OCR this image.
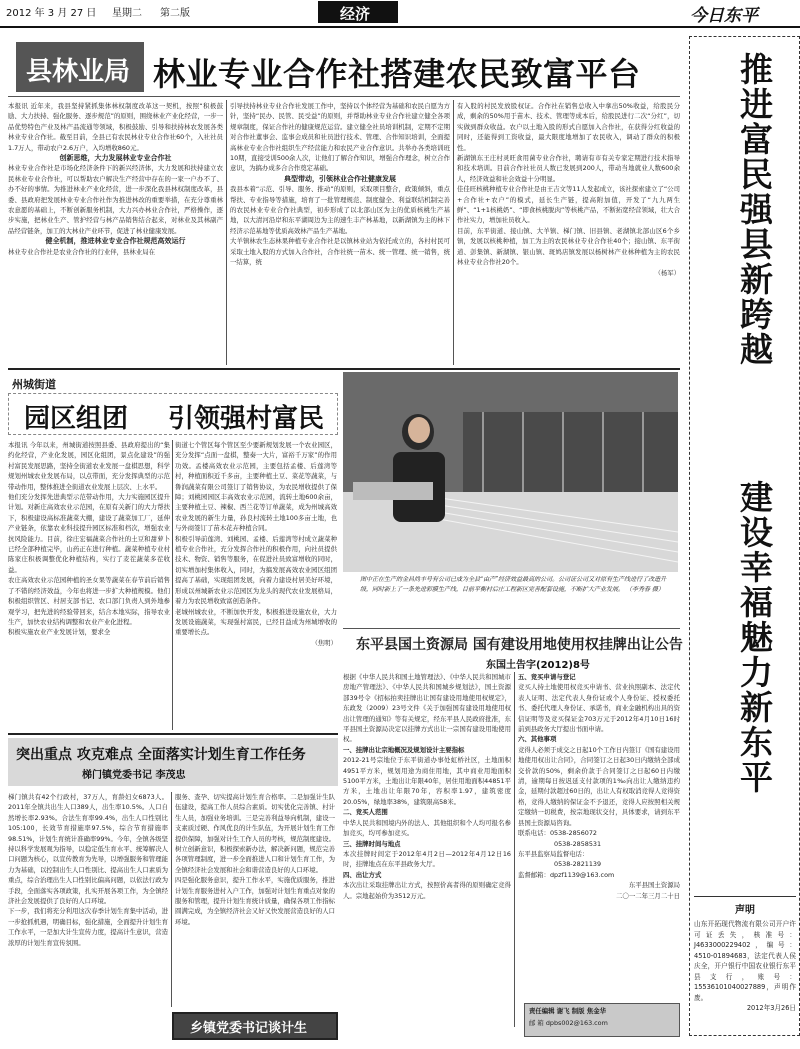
2012 年 3 月 27 日 星期二 第二版	经济	今日东平
推进富民强县新跨越
建设幸福魅力新东平
县林业局 林业专业合作社搭建农民致富平台

本报讯 近年来，我县坚持紧抓集体林权制度改革这一契机，按照“积极鼓励、大力扶持、强化服务、逐步规范”的原则，围绕林业产业化经营，一步一品优势特色产业及林产品流通等领域，积极鼓励、引导和扶持林农发展各类林业专业合作社。截至目前，全县已有农民林业专业合作社60个，入社社员1.7万人，带动农户2.6万户，入均增收860元。

创新思维，大力发展林业专业合作社

林业专业合作社是市场化经济条件下的新兴经济体，大力发展和扶持建立农民林业专业合作社，可以帮助农户解决生产经营中存在的一家一户办不了、办不好的事情。为推进林业产业化经营，进一步深化我县林权制度改革，县委、县政府把发展林业专业合作社作为推进林改的重要举措，在充分尊重林农意愿的基础上，不断创新服务机制，大力兴办林业合作社，严格操作，逐步实施，把林业生产、管护经营与林产品销售结合起来，对林业及其林副产品经营链条，加工的大林业产业环节，促进了林业健康发展。

健全机制，推进林业专业合作社规范高效运行

林业专业合作社是农业合作社的行业伴，县林业局在

引导扶持林业专业合作社发展工作中，坚持以个体经营为基础和农民自愿为方针，坚持“民办、民管、民受益”的原则，并帮助林业专业合作社建立健全各项规章制度，保证合作社的健康规范运营。建立健全社员培训机制，定期不定期对合作社董事会、监事会成员和社员进行技术、管理、合作知识培训，全面提高林业专业合作社组织生产经营能力和农民产业合作意识。共举办各类培训班10期，直接受训500余人次，让他们了解合作知识，增强合作理念，树立合作意识，为搞办成多合合作奠定基础。

典型带动，引领林业合作社健康发展

我县本着“示范、引导、服务、推动”的原则，采取项目整合，政策倾斜，重点帮扶、专业指导等措施，培育了一批管理规范、制度健全、利益联结机制完善的农民林业专业合作社典型，初步形成了以北部山区为主的优质核桃生产基地，以大清河沿岸和东平湖周边为主的速生丰产林基地，以新湖镇为主的林下经济示范基地等优质高效林产品生产基地。

大羊镇林农生态林果种植专业合作社是以镇林业站为依托成立的，各村村民可采取土地入股的方式加入合作社，合作社统一苗木、统一管理、统一销售，统一结算，统

有入股的村民发放股权证。合作社在销售总收入中拿出50%收益，给股民分成，剩余的50%用于苗木、技术、管理等成本后，给股民进行二次“分红”，切实做到群众收益。农户以土地入股的形式自愿加入合作社，在获得分红收益的同时，还能得到工资收益，最大限度地增加了农民收入，调动了群众的积极性。

新湖镇东王庄村灵旺食用菌专业合作社，聘请有市有关专家定期进行技术指导和技术培训。目前合作社社员人数已发展到200人，带动当地就业人数600余人，经济效益和社会效益十分明显。

佳佳旺核桃种植专业合作社是由王吉文等11人发起成立，该社探索建立了“公司+合作社+农户”的模式，延长生产链，提高附加值，开发了“九九两生鲜”、“1+1核桃奶”、“即食核桃脱肉”等核桃产品，不断拓宽经营领域，壮大合作社实力，增加社员收入。

目前，东平街道、接山镇、大羊镇、梯门镇、旧县镇、老湖镇北部山区6个乡镇，发展以核桃种植，加工为主的农民林业专业合作社40个；接山镇、东平街道、彭集镇、新湖镇、银山镇、斑鸠店镇发展以杨树林产业林种植为主的农民林业专业合作社20个。

（杨军）

州城街道
园区组团 引领强村富民

本报讯 今年以来，州城街道按照县委、县政府提出的“集约化经营，产业化发展，园区化组团，景点化建设”的强村富民发展思路，坚持全街道农业发展一盘棋思想，科学规划州城农业发展布局，以点带面，充分发挥典型的示范带动作用，整体推进全街道农业发展上层次、上水平。

他们充分发挥先进典型示范带动作用，大力实施园区提升计划。对新庄高效农业示范园，在原有关新门的大力帮扶下，积极建设高标准蔬菜大棚，建设了蔬菜加工厂，延伸产业链条，依靠农业科技提升园区标准和档次，增强农业抗风险能力。目前，徐庄宏福蔬菜合作社的土豆和甜萝卜已经全部种植完毕，山药正在进行种植。蔬菜种植专业村陈家庄积极调整优化种植结构，实行了麦茬蔬菜多茬收益。

农庄高效农业示范园种植的圣女果等蔬菜在春节前后销售了不错的经济效益，今年也将进一步扩大种植规模。他们积极组织管区、村居支部书记、农口部门负责人到外地参观学习，把先进的经验带回来，结合本地实际，指导农业生产，加快农业结构调整和农业产业化进程。

积极实施农业产业发展计划，要求全

街道七个管区每个管区至少要新规划发展一个农业园区，充分发挥“点面一盘棋，整奏一大片，富裕千万家”的作用功效。孟楼高效农业示范园，主要包括孟楼、后莲湾等村，种植面积近千多亩，主要种植土豆、菜花等蔬菜，与鲁润蔬菜有限公司签订了销售协议，为农民增收提供了保障；刘桃园园区丰高效农业示范园，流转土地600余亩，主要种植土豆、辣椒、西兰花等订单蔬菜，成为州城高效农业发展的新生力量，孙良村流转土地100多亩土地，也与外商签订了苗木花卉种植合同。

积极引导前莲湾、刘桃园、孟楼、后莲湾等村成立蔬菜种植专业合作社，充分发挥合作社的积极作用，向社员提供技术、物资、销售等服务，在促进社员致富增收的同时，切实增加村集体收入，同时，为搞发展高效农业园区组团提高了基础，实现组团发展，向着力建设村居美好环境，形成以州城新农业示范园区为龙头的现代农业发展格局，着力为农民增收致富创造条件。

老城州城农业，不断加快开发，积极推进设施农业，大力发展设施蔬菜，实现强村富民，已经目益成为州城增收的重要增长点。

（焦明）

图中正在生产的金昌尚丰号有公司已成为全县“由产”经济效益最高的公司。公司证公司又对原有生产线进行了改造升级，同时新上了一条先进彩膜生产线，目前平衡村后庄工程新区完善配套设施，不断扩大产业发展。 （李秀春 摄）
东平县国土资源局 国有建设用地使用权挂牌出让公告
东国土告字(2012)8号

根据《中华人民共和国土地管理法》、《中华人民共和国城市房地产管理法》、《中华人民共和国城乡规划法》，国土资源部39号令《招标拍卖挂牌出让国有建设用地使用权规定》，东政发（2009）23号文件《关于加强国有建设用地使用权出让管理的通知》等有关规定，经东平县人民政府批准，东平县国土资源局决定以挂牌方式出让一宗国有建设用地使用权。

一、挂牌出让宗地概况及规划设计主要指标

2012-21号宗地位于东平街道办事处虹桥社区，土地面积4951平方米，规划用途为商住用地，其中商业用地面积5100平方米，土地出让年限40年，居住用地面积44851平方米，土地出让年限70年，容积率1.97，建筑密度20.05%，绿地率38%，建筑限高58米。

二、竞买人范围

中华人民共和国境内外的法人、其他组织和个人均可报名参加竞买，均可参加竞买。

三、挂牌时间与地点

本次挂牌时间定于2012年4月2日—2012年4月12日16时，挂牌地点在东平县政务大厅。

四、出让方式

本次出让采取挂牌出让方式，按照价高者得的原则确定竞得人。宗地起始价为3512万元。

五、竞买申请与登记

竞买人持土地使用权竞买申请书、营业执照副本、法定代表人证明、法定代表人身份证或个人身份证、授权委托书、委托代理人身份证、承诺书，商业金融机构出具的资信证明等及竞买保证金703万元于2012年4月10日16时前到县政务大厅提出书面申请。

六、其他事项

竞得人必须于成交之日起10个工作日内签订《国有建设用地使用权出让合同》，合同签订之日起30日内缴纳全部成交价款的50%，剩余价款于合同签订之日起60日内缴清，逾期每日按迟延支付款项的1‰向出让人缴纳违约金，延期付款超过60日的，出让人有权取消竞得人竞得资格，竞得人缴纳的保证金不予退还，竞得人应按照相关规定缴纳一切税费，按宗地现状交付，具体要求，请到东平县国土资源局咨询。

联系电话：0538-2856072

0538-2858531

东平县监察局监督电话：

0538-2821139

监督邮箱：dpzf1139@163.com

东平县国土资源局

二〇一二年三月二十日

责任编辑 谢飞 制版 焦金华
邮 箱 dpbs002@163.com
突出重点 攻克难点 全面落实计划生育工作任务
梯门镇党委书记 李茂忠

梯门镇共有42个行政村，37万人，育龄妇女6873人。2011年全镇共出生人口389人，出生率10.5%。人口自然增长率2.93%。合法生育率99.4%，出生人口性别比105:100，长效节育措施率97.5%，综合节育措施率98.51%，计划生育统计准确率99%。今年，全镇各级坚持以科学发展观为指导，以稳定低生育水平、统筹解决人口问题为核心，以宣传教育为先导，以增强服务和管理能力为基础，以控制出生人口性别比、提高出生人口素质为重点，综合治理出生人口性别比偏高问题，以依法行政为手段，全面落实各项政策，扎实开展各项工作，为全镇经济社会发展提供了良好的人口环境。

下一步，我们将充分利用这次春季计划生育集中活动，进一步抢抓机遇，明确目标，强化措施，全面提升计划生育工作水平，一是加大计生宣传力度，提高计生意识，营造浓厚的计划生育宣传氛围。

服务、查孕、切实提高计划生育合格率。二是加强计生队伍建设，提高工作人员综合素质。切实优化完善镇、村计生人员，加强业务培训。三是完善利益导向机制，建设一支素质过硬、作风优良的计生队伍，为开展计划生育工作提供保障，加强对计生工作人员的考核，规范制度建设。树立创新意识，积极探索新办法，解决新问题，规范完善各项管理制度，进一步全面推进人口和计划生育工作，为全镇经济社会发展和社会和谐营造良好的人口环境。

四是强化服务意识，提升工作水平，实施优质服务，推进计划生育服务进村入户工作，加强对计划生育重点对象的服务和管理，提升计划生育统计质量，确保各项工作指标圆满完成，为全镇经济社会又好又快发展营造良好的人口环境。

乡镇党委书记谈计生
声明
山东开拓现代物流有限公司开户许可证丢失，核准号：J4633000229402，编号：4510-01894683，法定代表人侯庆全，开户银行中国农业银行东平县支行，账号：15536101040027889，声明作废。
2012年3月26日
